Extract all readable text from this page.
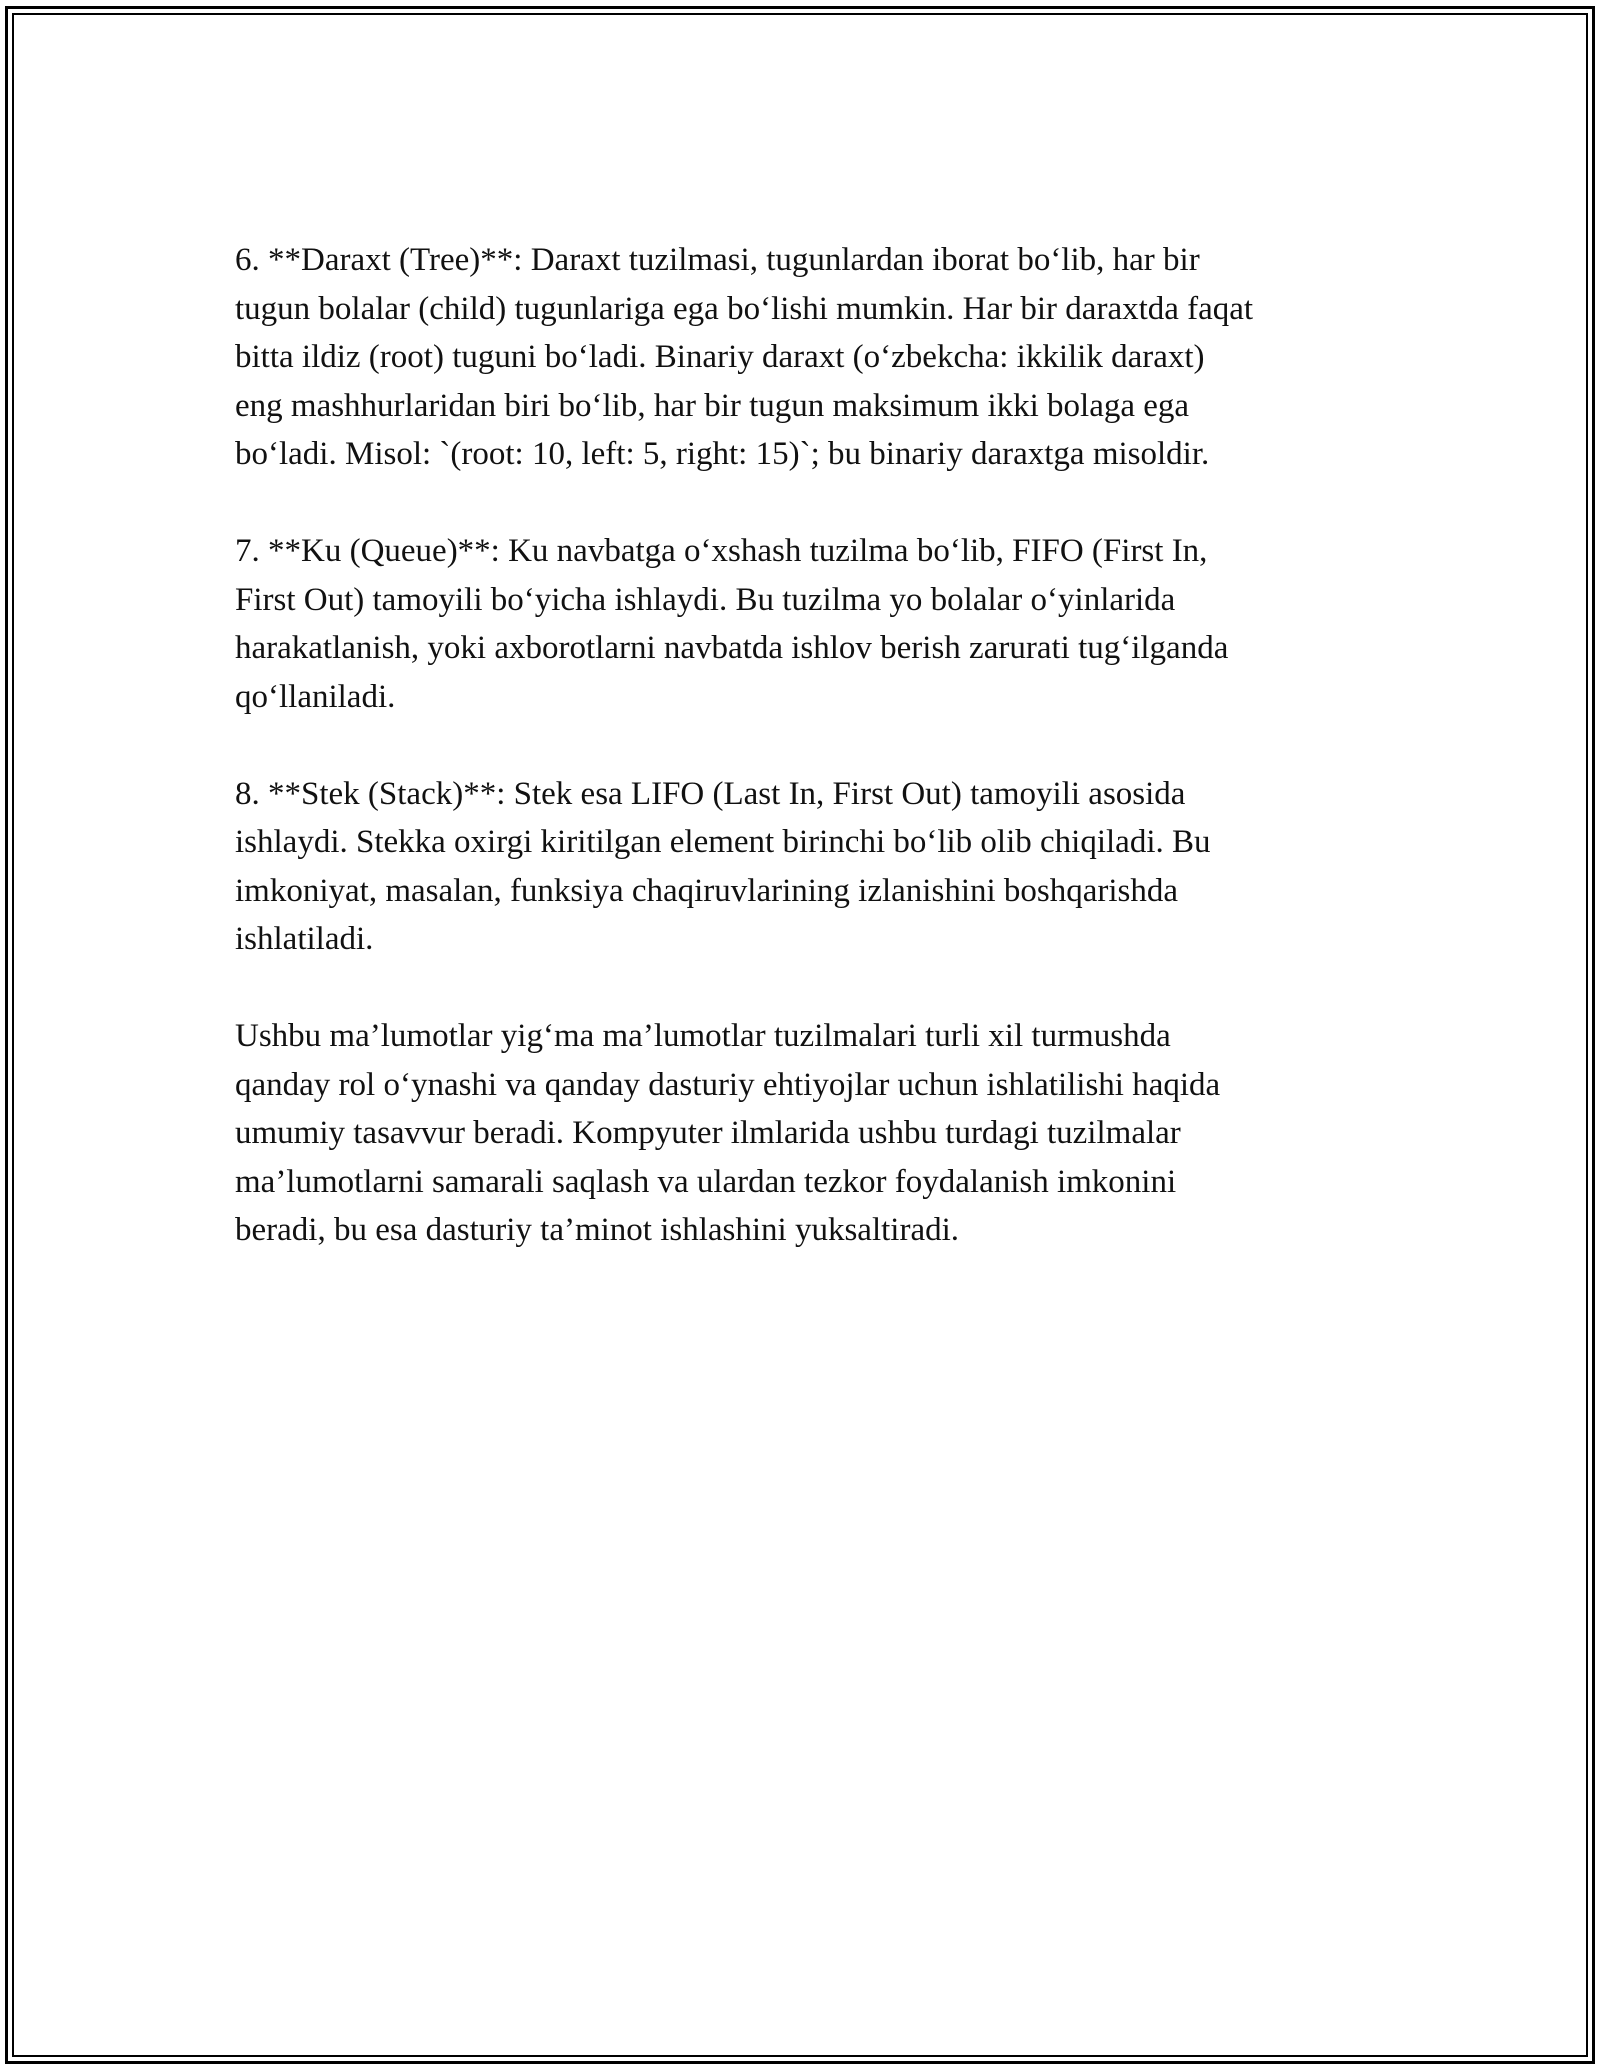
6. **Daraxt (Tree)**: Daraxt tuzilmasi, tugunlardan iborat bo‘lib, har bir
tugun bolalar (child) tugunlariga ega bo‘lishi mumkin. Har bir daraxtda faqat
bitta ildiz (root) tuguni bo‘ladi. Binariy daraxt (o‘zbekcha: ikkilik daraxt)
eng mashhurlaridan biri bo‘lib, har bir tugun maksimum ikki bolaga ega
bo‘ladi. Misol: `(root: 10, left: 5, right: 15)`; bu binariy daraxtga misoldir.

7. **Ku (Queue)**: Ku navbatga o‘xshash tuzilma bo‘lib, FIFO (First In,
First Out) tamoyili bo‘yicha ishlaydi. Bu tuzilma yo bolalar o‘yinlarida
harakatlanish, yoki axborotlarni navbatda ishlov berish zarurati tug‘ilganda
qo‘llaniladi.

8. **Stek (Stack)**: Stek esa LIFO (Last In, First Out) tamoyili asosida
ishlaydi. Stekka oxirgi kiritilgan element birinchi bo‘lib olib chiqiladi. Bu
imkoniyat, masalan, funksiya chaqiruvlarining izlanishini boshqarishda
ishlatiladi.

Ushbu ma’lumotlar yig‘ma ma’lumotlar tuzilmalari turli xil turmushda
qanday rol o‘ynashi va qanday dasturiy ehtiyojlar uchun ishlatilishi haqida
umumiy tasavvur beradi. Kompyuter ilmlarida ushbu turdagi tuzilmalar
ma’lumotlarni samarali saqlash va ulardan tezkor foydalanish imkonini
beradi, bu esa dasturiy ta’minot ishlashini yuksaltiradi.
